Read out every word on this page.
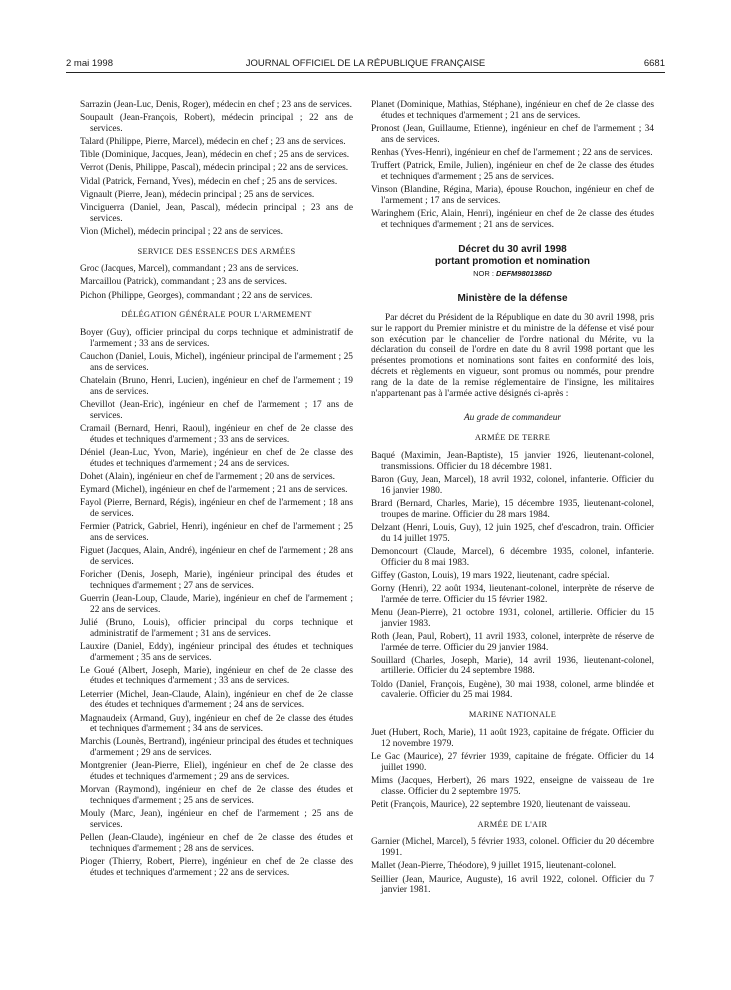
2 mai 1998	JOURNAL OFFICIEL DE LA RÉPUBLIQUE FRANÇAISE	6681

Sarrazin (Jean-Luc, Denis, Roger), médecin en chef ; 23 ans de services.

Soupault (Jean-François, Robert), médecin principal ; 22 ans de services.

Talard (Philippe, Pierre, Marcel), médecin en chef ; 23 ans de services.

Tible (Dominique, Jacques, Jean), médecin en chef ; 25 ans de services.

Verrot (Denis, Philippe, Pascal), médecin principal ; 22 ans de services.

Vidal (Patrick, Fernand, Yves), médecin en chef ; 25 ans de services.

Vignault (Pierre, Jean), médecin principal ; 25 ans de services.

Vinciguerra (Daniel, Jean, Pascal), médecin principal ; 23 ans de services.

Vion (Michel), médecin principal ; 22 ans de services.

SERVICE DES ESSENCES DES ARMÉES

Groc (Jacques, Marcel), commandant ; 23 ans de services.

Marcaillou (Patrick), commandant ; 23 ans de services.

Pichon (Philippe, Georges), commandant ; 22 ans de services.

DÉLÉGATION GÉNÉRALE POUR L'ARMEMENT

Boyer (Guy), officier principal du corps technique et administratif de l'armement ; 33 ans de services.

Cauchon (Daniel, Louis, Michel), ingénieur principal de l'armement ; 25 ans de services.

Chatelain (Bruno, Henri, Lucien), ingénieur en chef de l'armement ; 19 ans de services.

Chevillot (Jean-Eric), ingénieur en chef de l'armement ; 17 ans de services.

Cramail (Bernard, Henri, Raoul), ingénieur en chef de 2e classe des études et techniques d'armement ; 33 ans de services.

Déniel (Jean-Luc, Yvon, Marie), ingénieur en chef de 2e classe des études et techniques d'armement ; 24 ans de services.

Dohet (Alain), ingénieur en chef de l'armement ; 20 ans de services.

Eymard (Michel), ingénieur en chef de l'armement ; 21 ans de services.

Fayol (Pierre, Bernard, Régis), ingénieur en chef de l'armement ; 18 ans de services.

Fermier (Patrick, Gabriel, Henri), ingénieur en chef de l'armement ; 25 ans de services.

Figuet (Jacques, Alain, André), ingénieur en chef de l'armement ; 28 ans de services.

Foricher (Denis, Joseph, Marie), ingénieur principal des études et techniques d'armement ; 27 ans de services.

Guerrin (Jean-Loup, Claude, Marie), ingénieur en chef de l'armement ; 22 ans de services.

Julié (Bruno, Louis), officier principal du corps technique et administratif de l'armement ; 31 ans de services.

Lauxire (Daniel, Eddy), ingénieur principal des études et techniques d'armement ; 35 ans de services.

Le Goué (Albert, Joseph, Marie), ingénieur en chef de 2e classe des études et techniques d'armement ; 33 ans de services.

Leterrier (Michel, Jean-Claude, Alain), ingénieur en chef de 2e classe des études et techniques d'armement ; 24 ans de services.

Magnaudeix (Armand, Guy), ingénieur en chef de 2e classe des études et techniques d'armement ; 34 ans de services.

Marchis (Lounès, Bertrand), ingénieur principal des études et techniques d'armement ; 29 ans de services.

Montgrenier (Jean-Pierre, Eliel), ingénieur en chef de 2e classe des études et techniques d'armement ; 29 ans de services.

Morvan (Raymond), ingénieur en chef de 2e classe des études et techniques d'armement ; 25 ans de services.

Mouly (Marc, Jean), ingénieur en chef de l'armement ; 25 ans de services.

Pellen (Jean-Claude), ingénieur en chef de 2e classe des études et techniques d'armement ; 28 ans de services.

Pioger (Thierry, Robert, Pierre), ingénieur en chef de 2e classe des études et techniques d'armement ; 22 ans de services.

Planet (Dominique, Mathias, Stéphane), ingénieur en chef de 2e classe des études et techniques d'armement ; 21 ans de services.

Pronost (Jean, Guillaume, Etienne), ingénieur en chef de l'armement ; 34 ans de services.

Renhas (Yves-Henri), ingénieur en chef de l'armement ; 22 ans de services.

Truffert (Patrick, Emile, Julien), ingénieur en chef de 2e classe des études et techniques d'armement ; 25 ans de services.

Vinson (Blandine, Régina, Maria), épouse Rouchon, ingénieur en chef de l'armement ; 17 ans de services.

Waringhem (Eric, Alain, Henri), ingénieur en chef de 2e classe des études et techniques d'armement ; 21 ans de services.

Décret du 30 avril 1998
portant promotion et nomination
NOR : DEFM9801386D
Ministère de la défense

Par décret du Président de la République en date du 30 avril 1998, pris sur le rapport du Premier ministre et du ministre de la défense et visé pour son exécution par le chancelier de l'ordre national du Mérite, vu la déclaration du conseil de l'ordre en date du 8 avril 1998 portant que les présentes promotions et nominations sont faites en conformité des lois, décrets et règlements en vigueur, sont promus ou nommés, pour prendre rang de la date de la remise réglementaire de l'insigne, les militaires n'appartenant pas à l'armée active désignés ci-après :

Au grade de commandeur
ARMÉE DE TERRE

Baqué (Maximin, Jean-Baptiste), 15 janvier 1926, lieutenant-colonel, transmissions. Officier du 18 décembre 1981.

Baron (Guy, Jean, Marcel), 18 avril 1932, colonel, infanterie. Officier du 16 janvier 1980.

Brard (Bernard, Charles, Marie), 15 décembre 1935, lieutenant-colonel, troupes de marine. Officier du 28 mars 1984.

Delzant (Henri, Louis, Guy), 12 juin 1925, chef d'escadron, train. Officier du 14 juillet 1975.

Demoncourt (Claude, Marcel), 6 décembre 1935, colonel, infanterie. Officier du 8 mai 1983.

Giffey (Gaston, Louis), 19 mars 1922, lieutenant, cadre spécial.

Gorny (Henri), 22 août 1934, lieutenant-colonel, interprète de réserve de l'armée de terre. Officier du 15 février 1982.

Menu (Jean-Pierre), 21 octobre 1931, colonel, artillerie. Officier du 15 janvier 1983.

Roth (Jean, Paul, Robert), 11 avril 1933, colonel, interprète de réserve de l'armée de terre. Officier du 29 janvier 1984.

Souillard (Charles, Joseph, Marie), 14 avril 1936, lieutenant-colonel, artillerie. Officier du 24 septembre 1988.

Toldo (Daniel, François, Eugène), 30 mai 1938, colonel, arme blindée et cavalerie. Officier du 25 mai 1984.

MARINE NATIONALE

Juet (Hubert, Roch, Marie), 11 août 1923, capitaine de frégate. Officier du 12 novembre 1979.

Le Gac (Maurice), 27 février 1939, capitaine de frégate. Officier du 14 juillet 1990.

Mims (Jacques, Herbert), 26 mars 1922, enseigne de vaisseau de 1re classe. Officier du 2 septembre 1975.

Petit (François, Maurice), 22 septembre 1920, lieutenant de vaisseau.

ARMÉE DE L'AIR

Garnier (Michel, Marcel), 5 février 1933, colonel. Officier du 20 décembre 1991.

Mallet (Jean-Pierre, Théodore), 9 juillet 1915, lieutenant-colonel.

Seillier (Jean, Maurice, Auguste), 16 avril 1922, colonel. Officier du 7 janvier 1981.
